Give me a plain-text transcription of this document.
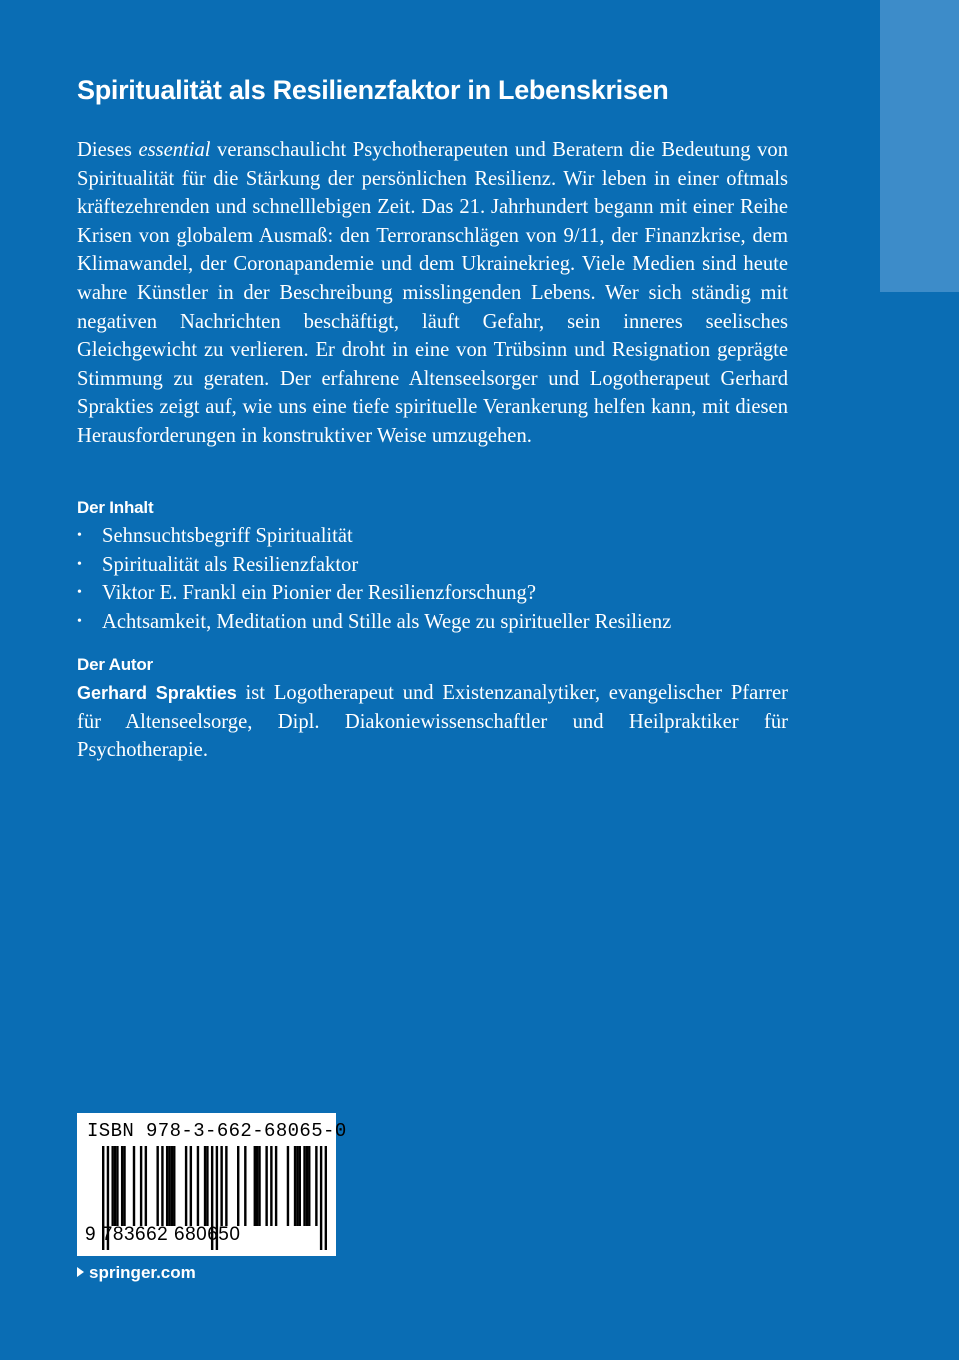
Spiritualität als Resilienzfaktor in Lebenskrisen

Dieses essential veranschaulicht Psychotherapeuten und Beratern die Bedeutung von Spiritualität für die Stärkung der persönlichen Resilienz. Wir leben in einer oftmals kräftezehrenden und schnelllebigen Zeit. Das 21. Jahrhundert begann mit einer Reihe Krisen von globalem Ausmaß: den Terroranschlägen von 9/11, der Finanzkrise, dem Klimawandel, der Coronapandemie und dem Ukrainekrieg. Viele Medien sind heute wahre Künstler in der Beschreibung misslingenden Lebens. Wer sich ständig mit negativen Nachrichten beschäftigt, läuft Gefahr, sein inneres seelisches Gleichgewicht zu verlieren. Er droht in eine von Trübsinn und Resignation geprägte Stimmung zu geraten. Der erfahrene Altenseelsorger und Logotherapeut Gerhard Sprakties zeigt auf, wie uns eine tiefe spirituelle Verankerung helfen kann, mit diesen Herausforderungen in konstruktiver Weise umzugehen.

Der Inhalt
• Sehnsuchtsbegriff Spiritualität
• Spiritualität als Resilienzfaktor
• Viktor E. Frankl ein Pionier der Resilienzforschung?
• Achtsamkeit, Meditation und Stille als Wege zu spiritueller Resilienz
Der Autor

Gerhard Sprakties ist Logotherapeut und Existenzanalytiker, evangelischer Pfarrer für Altenseelsorge, Dipl. Diakoniewissenschaftler und Heilpraktiker für Psychotherapie.

ISBN 978-3-662-68065-0
9 783662 680650
springer.com
